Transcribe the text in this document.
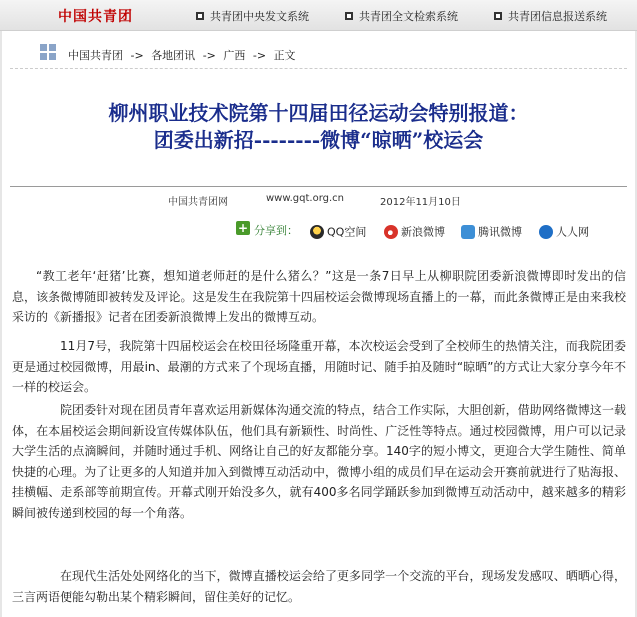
中国共青团	共青团中央发文系统	共青团全文检索系统	共青团信息报送系统
中国共青团 -> 各地团讯 -> 广西 -> 正文
柳州职业技术院第十四届田径运动会特别报道：
团委出新招--------微博“晾晒”校运会
中国共青团网	www.gqt.org.cn	2012年11月10日
+ 分享到：	QQ空间	新浪微博	腾讯微博	人人网
“教工老年‘赶猪’比赛，想知道老师赶的是什么猪么？”这是一条7日早上从柳职院团委新浪微博即时发出的信息，该条微博随即被转发及评论。这是发生在我院第十四届校运会微博现场直播上的一幕，而此条微博正是由来我校采访的《新播报》记者在团委新浪微博上发出的微博互动。
11月7号，我院第十四届校运会在校田径场隆重开幕，本次校运会受到了全校师生的热情关注，而我院团委更是通过校园微博，用最in、最潮的方式来了个现场直播，用随时记、随手拍及随时“晾晒”的方式让大家分享今年不一样的校运会。
院团委针对现在团员青年喜欢运用新媒体沟通交流的特点，结合工作实际，大胆创新，借助网络微博这一载体，在本届校运会期间新设宣传媒体队伍，他们具有新颖性、时尚性、广泛性等特点。通过校园微博，用户可以记录大学生活的点滴瞬间，并随时通过手机、网络让自己的好友都能分享。140字的短小博文，更迎合大学生随性、简单快捷的心理。为了让更多的人知道并加入到微博互动活动中，微博小组的成员们早在运动会开赛前就进行了贴海报、挂横幅、走系部等前期宣传。开幕式刚开始没多久，就有400多名同学踊跃参加到微博互动活动中，越来越多的精彩瞬间被传递到校园的每一个角落。
在现代生活处处网络化的当下，微博直播校运会给了更多同学一个交流的平台，现场发发感叹、晒晒心得，三言两语便能勾勒出某个精彩瞬间，留住美好的记忆。
